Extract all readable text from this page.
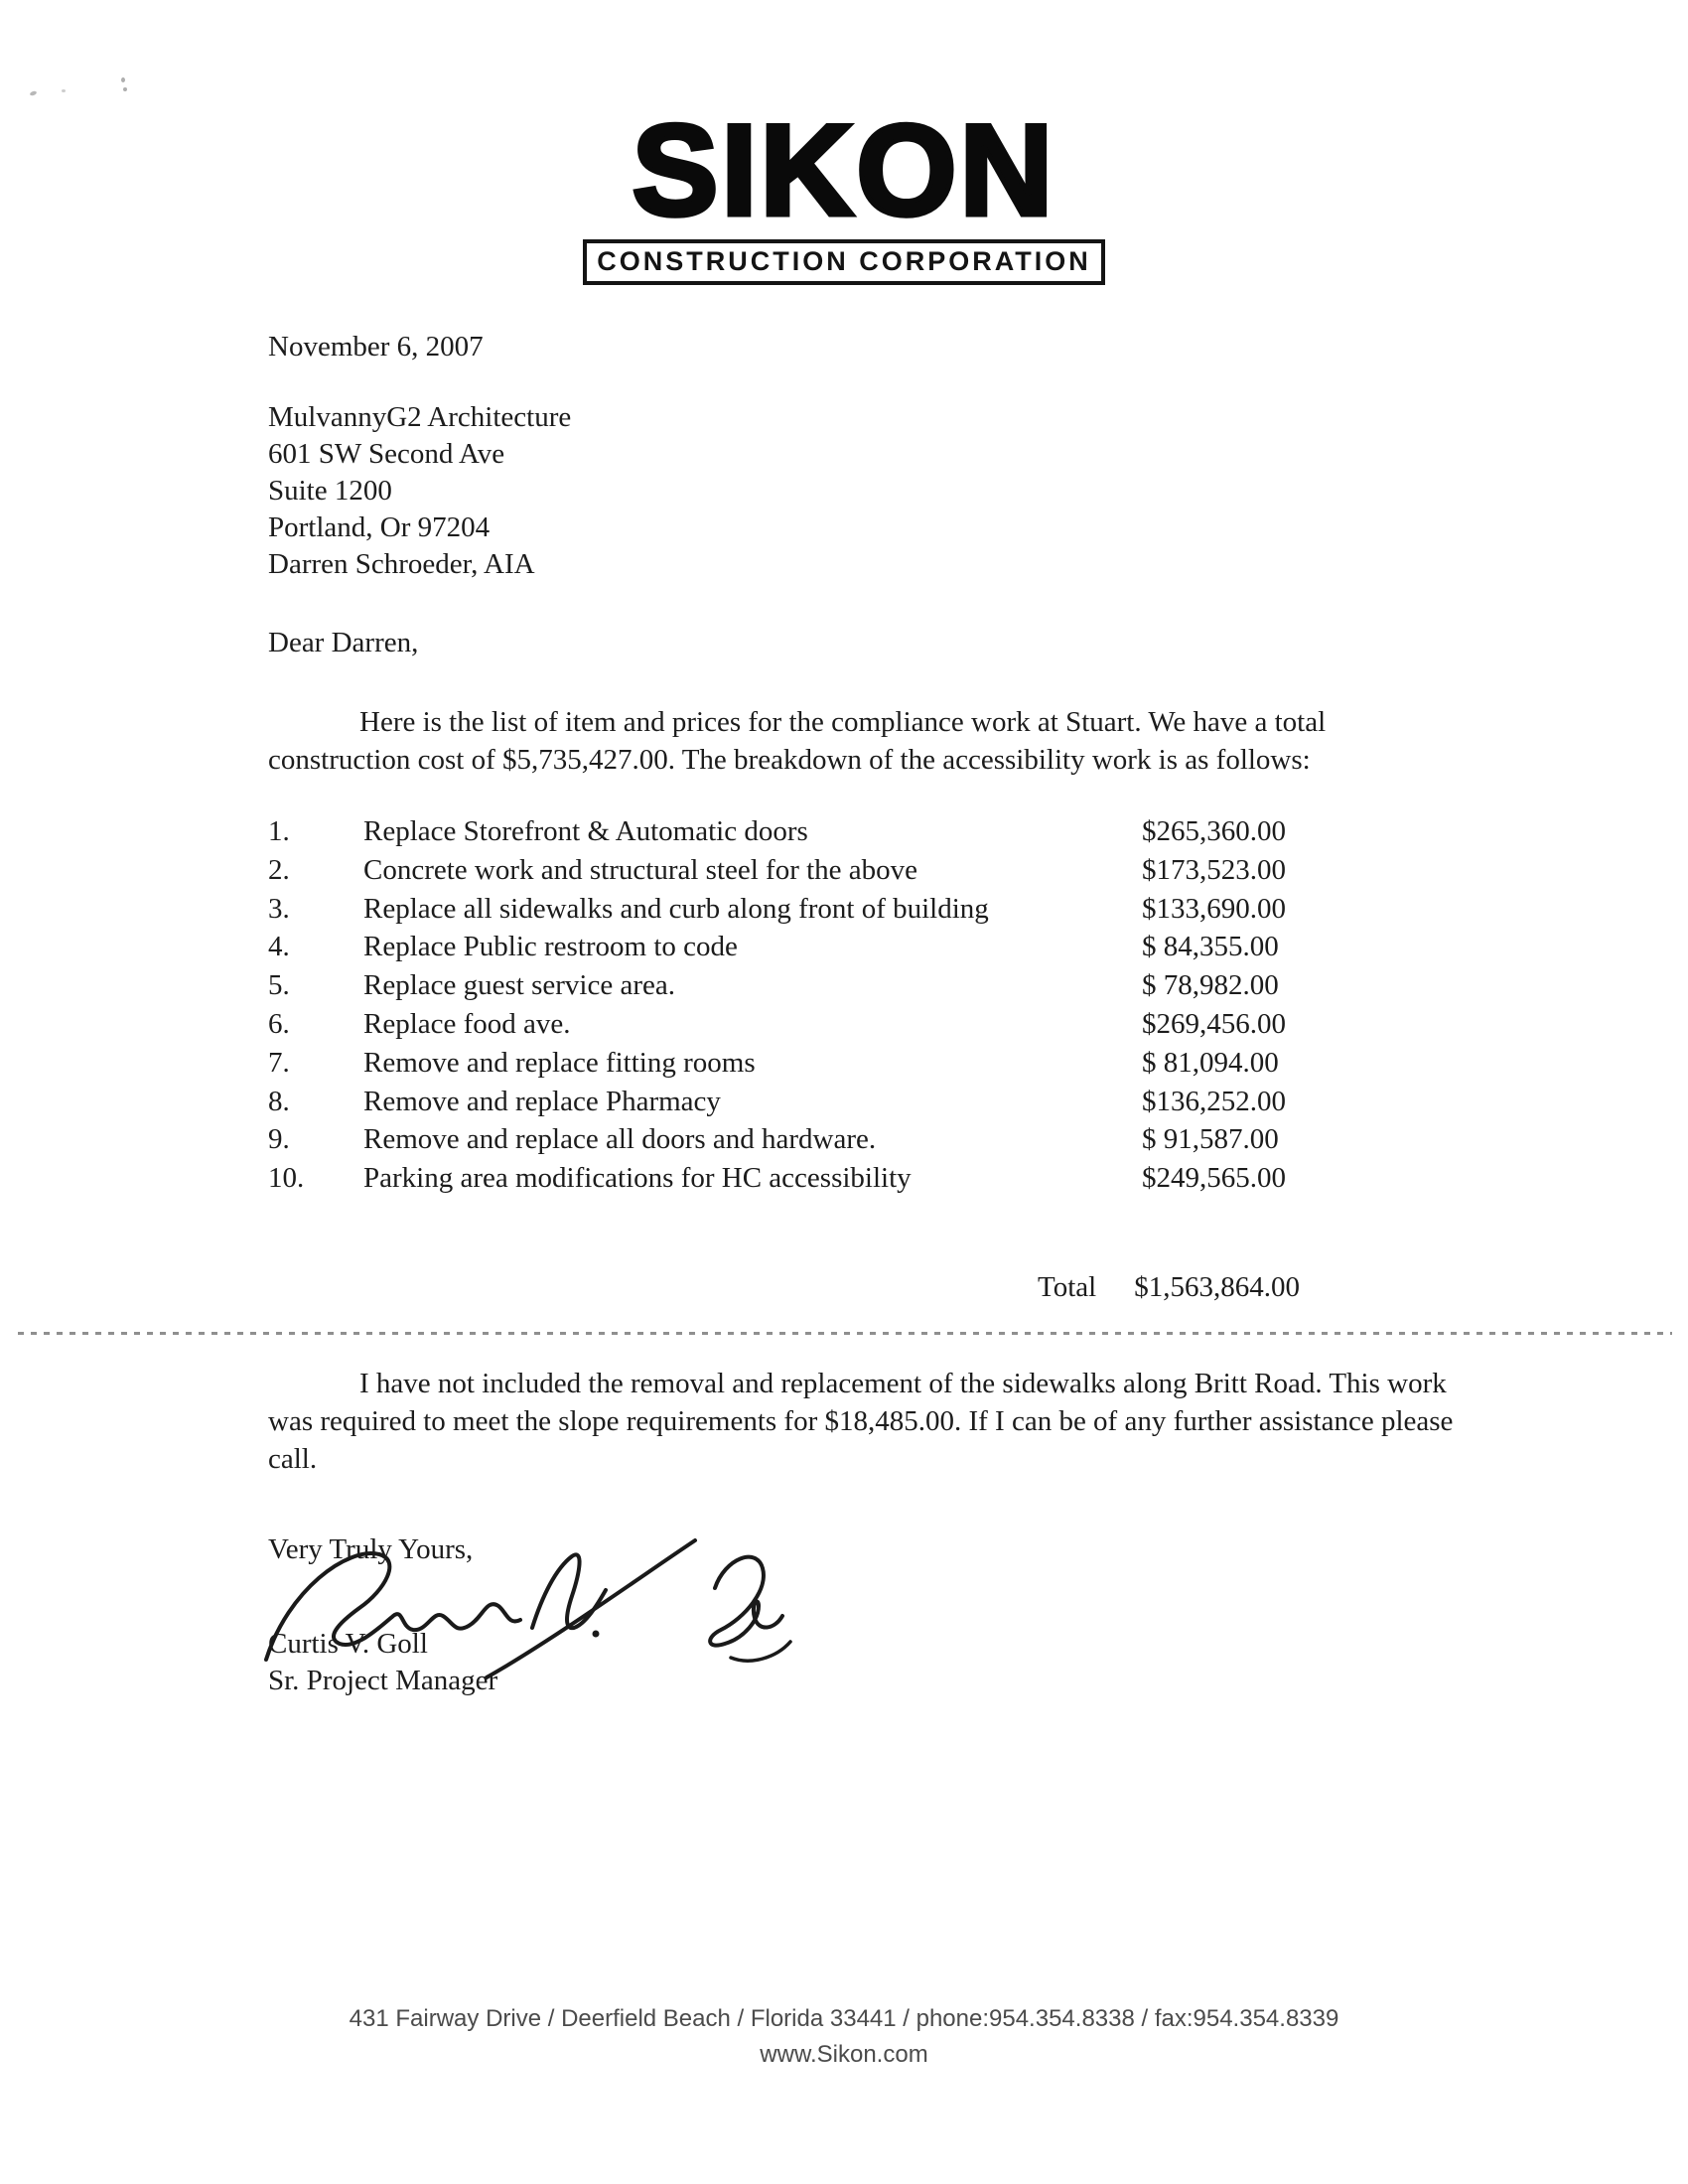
SIKON
CONSTRUCTION CORPORATION
November 6, 2007
MulvannyG2 Architecture
601 SW Second Ave
Suite 1200
Portland, Or 97204
Darren Schroeder, AIA
Dear Darren,
Here is the list of item and prices for the compliance work at Stuart. We have a total construction cost of $5,735,427.00. The breakdown of the accessibility work is as follows:
1.	Replace Storefront & Automatic doors	$265,360.00
2.	Concrete work and structural steel for the above	$173,523.00
3.	Replace all sidewalks and curb along front of building	$133,690.00
4.	Replace Public restroom to code	$ 84,355.00
5.	Replace guest service area.	$ 78,982.00
6.	Replace food ave.	$269,456.00
7.	Remove and replace fitting rooms	$ 81,094.00
8.	Remove and replace Pharmacy	$136,252.00
9.	Remove and replace all doors and hardware.	$ 91,587.00
10.	Parking area modifications for HC accessibility	$249,565.00
Total $1,563,864.00
I have not included the removal and replacement of the sidewalks along Britt Road. This work was required to meet the slope requirements for $18,485.00. If I can be of any further assistance please call.
Very Truly Yours,
Curtis V. Goll
Sr. Project Manager
431 Fairway Drive / Deerfield Beach / Florida 33441 / phone:954.354.8338 / fax:954.354.8339
www.Sikon.com
